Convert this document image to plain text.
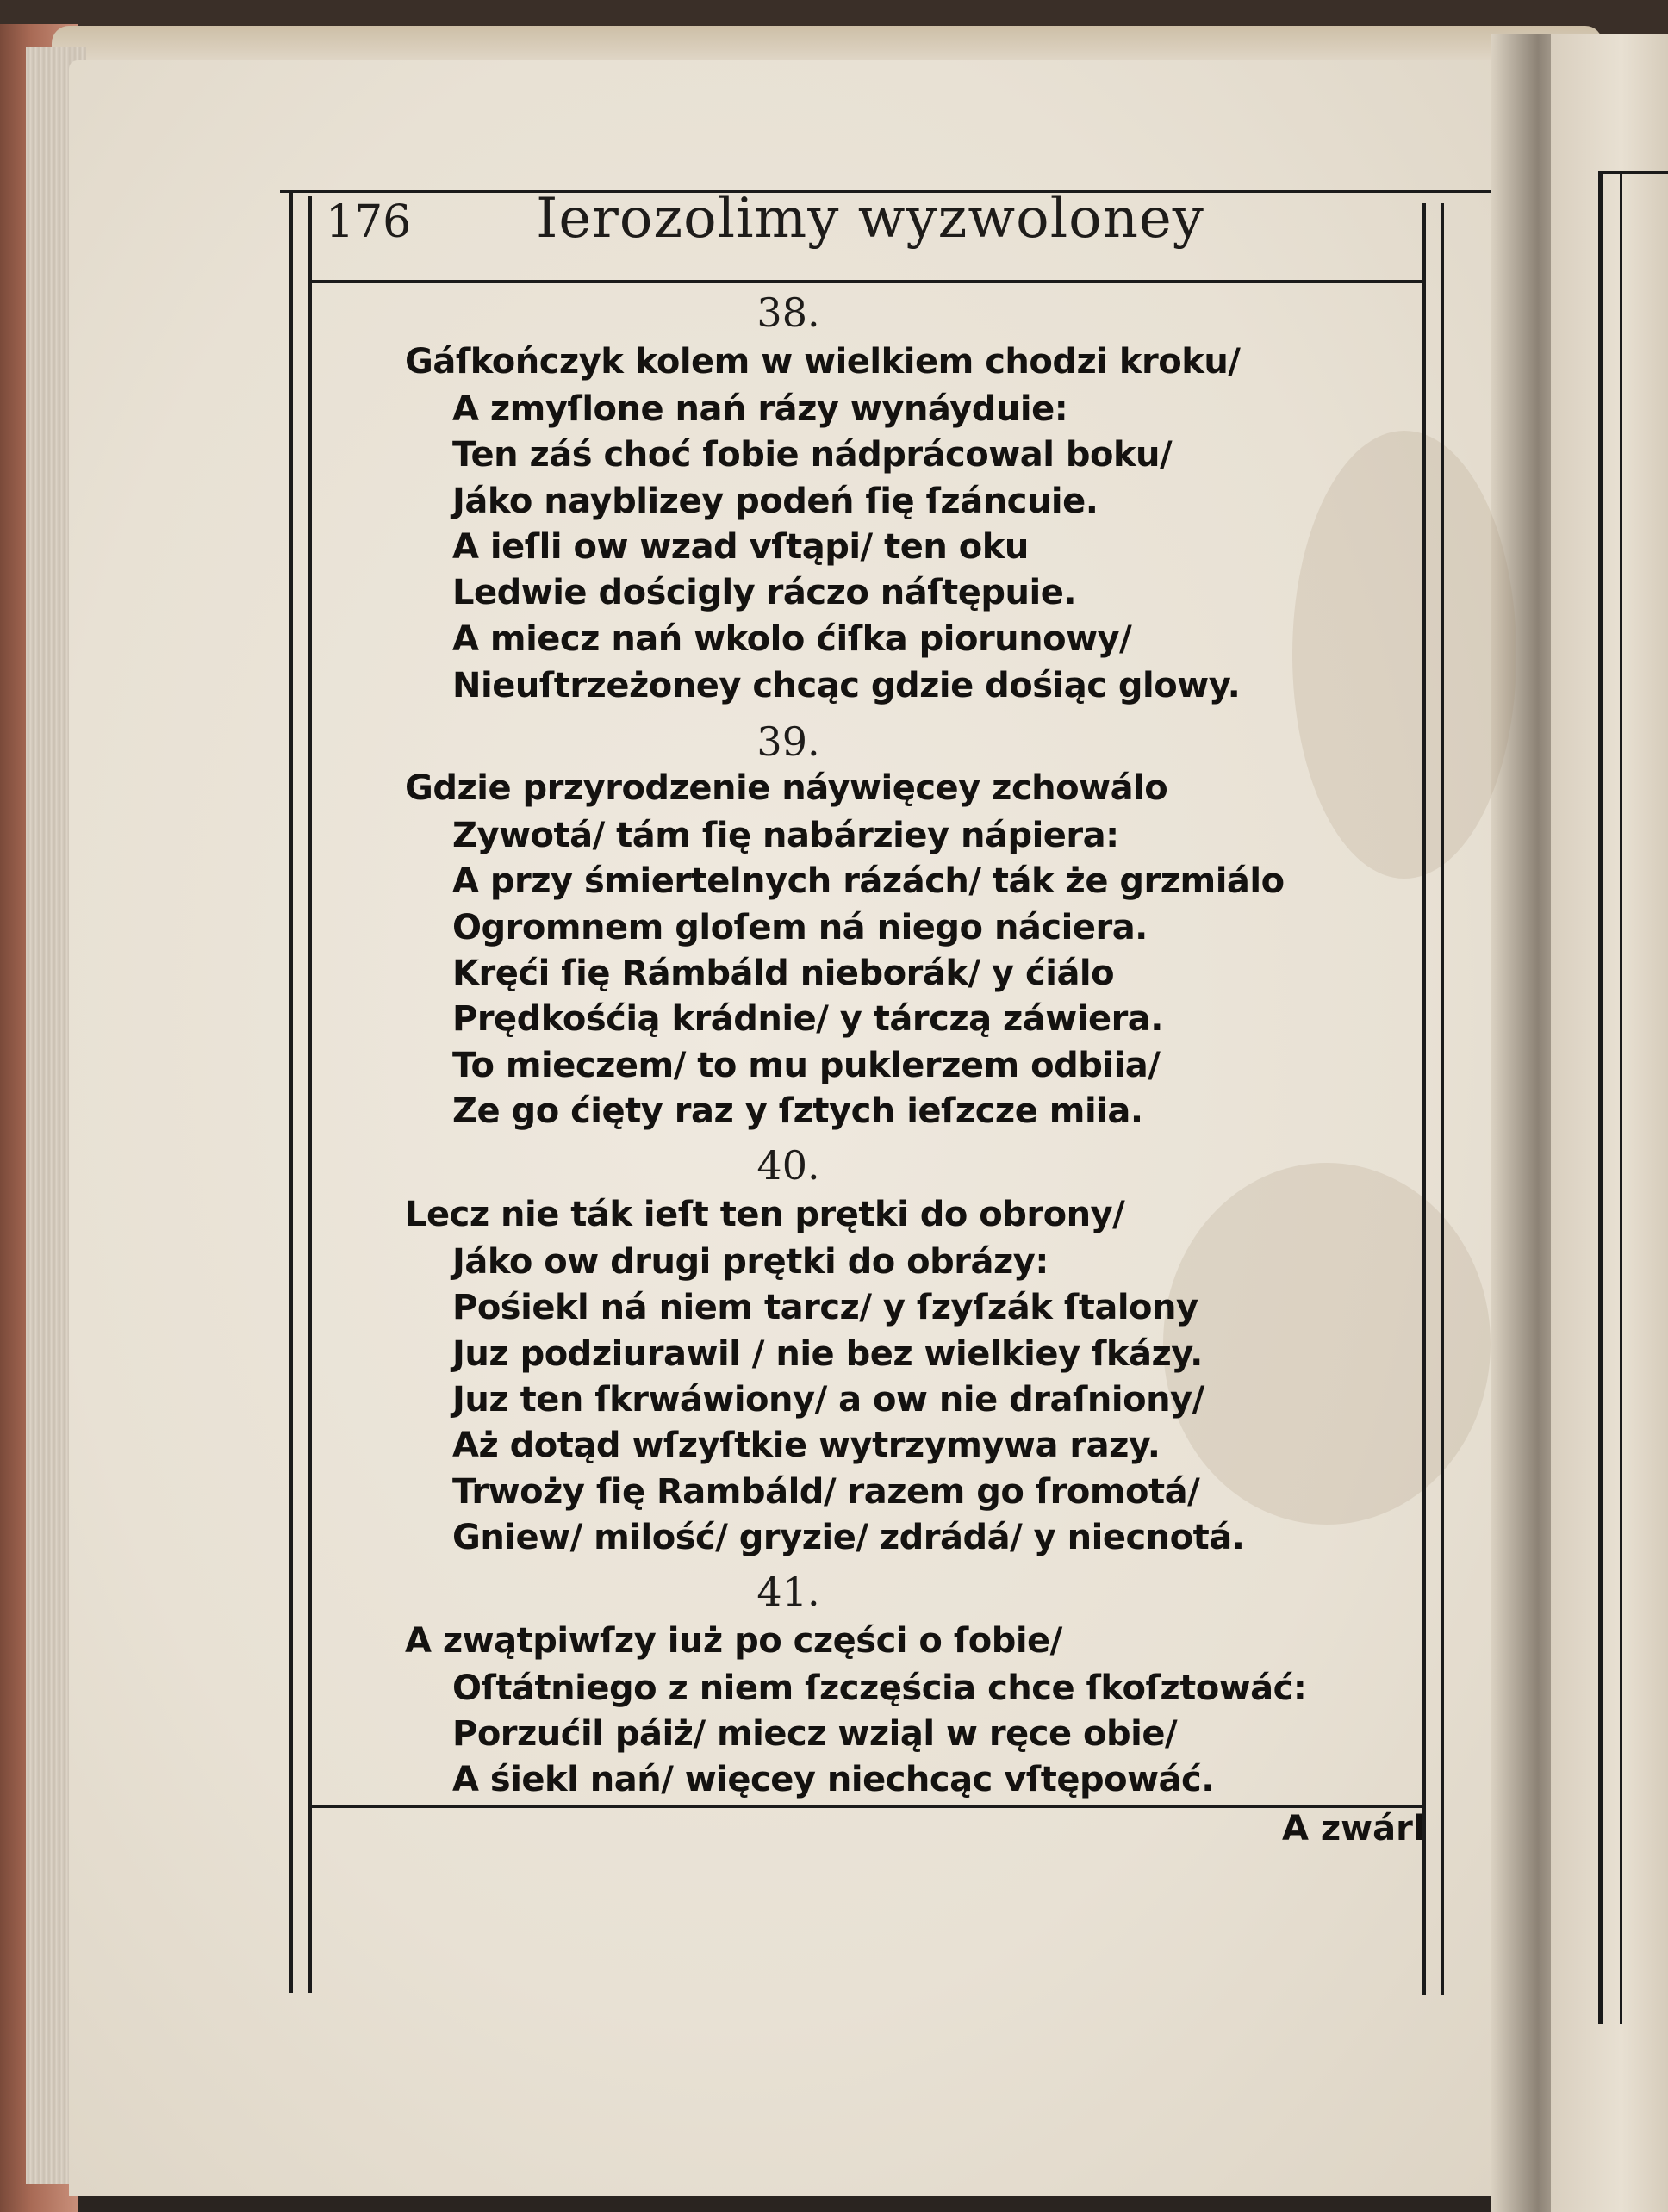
176	Ierozolimy wyzwoloney
38.
Gáſkończyk kolem w wielkiem chodzi kroku/
A zmyſlone nań rázy wynáyduie:
Ten záś choć ſobie nádprácowal boku/
Jáko nayblizey podeń ſię ſzáncuie.
A ieſli ow wzad vſtąpi/ ten oku
Ledwie dościgly ráczo náſtępuie.
A miecz nań wkolo ćiſka piorunowy/
Nieuſtrzeżoney chcąc gdzie dośiąc glowy.
39.
Gdzie przyrodzenie náywięcey zchowálo
Zywotá/ tám ſię nabárziey nápiera:
A przy śmiertelnych rázách/ ták że grzmiálo
Ogromnem gloſem ná niego náciera.
Kręći ſię Rámbáld nieborák/ y ćiálo
Prędkośćią krádnie/ y tárczą záwiera.
To mieczem/ to mu puklerzem odbiia/
Ze go ćięty raz y ſztych ieſzcze miia.
40.
Lecz nie ták ieſt ten prętki do obrony/
Jáko ow drugi prętki do obrázy:
Pośiekl ná niem tarcz/ y ſzyſzák ſtalony
Juz podziurawil / nie bez wielkiey ſkázy.
Juz ten ſkrwáwiony/ a ow nie draſniony/
Aż dotąd wſzyſtkie wytrzymywa razy.
Trwoży ſię Rambáld/ razem go ſromotá/
Gniew/ milość/ gryzie/ zdrádá/ y niecnotá.
41.
A zwątpiwſzy iuż po części o ſobie/
Oſtátniego z niem ſzczęścia chce ſkoſztowáć:
Porzućil páiż/ miecz wziąl w ręce obie/
A śiekl nań/ więcey niechcąc vſtępowáć.
A zwárl
